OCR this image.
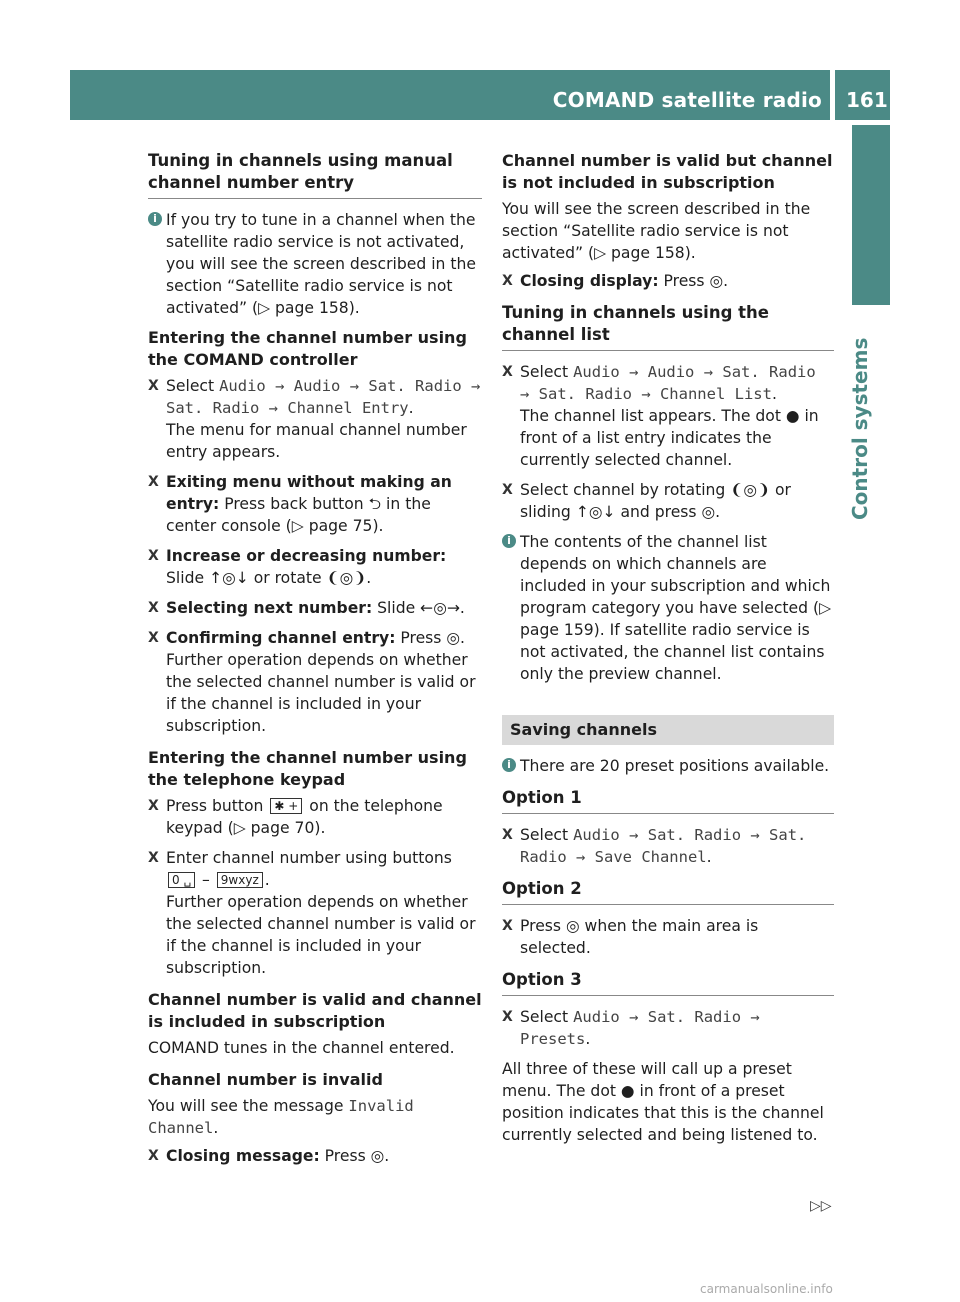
COMAND satellite radio 161
Control systems
Tuning in channels using manual channel number entry
i If you try to tune in a channel when the satellite radio service is not activated, you will see the screen described in the section “Satellite radio service is not activated” (▷ page 158).
Entering the channel number using the COMAND controller
X Select Audio → Audio → Sat. Radio → Sat. Radio → Channel Entry.
The menu for manual channel number entry appears.
X Exiting menu without making an entry: Press back button ⮌ in the center console (▷ page 75).
X Increase or decreasing number: Slide ↑◎↓ or rotate ❨◎❩.
X Selecting next number: Slide ←◎→.
X Confirming channel entry: Press ◎.
Further operation depends on whether the selected channel number is valid or if the channel is included in your subscription.
Entering the channel number using the telephone keypad
X Press button ✱ + on the telephone keypad (▷ page 70).
X Enter channel number using buttons 0 ␣ – 9wxyz .
Further operation depends on whether the selected channel number is valid or if the channel is included in your subscription.
Channel number is valid and channel is included in subscription

COMAND tunes in the channel entered.

Channel number is invalid

You will see the message Invalid Channel.

X Closing message: Press ◎.
Channel number is valid but channel is not included in subscription

You will see the screen described in the section “Satellite radio service is not activated” (▷ page 158).

X Closing display: Press ◎.
Tuning in channels using the channel list
X Select Audio → Audio → Sat. Radio → Sat. Radio → Channel List.
The channel list appears. The dot ● in front of a list entry indicates the currently selected channel.
X Select channel by rotating ❨◎❩ or sliding ↑◎↓ and press ◎.
i The contents of the channel list depends on which channels are included in your subscription and which program category you have selected (▷ page 159). If satellite radio service is not activated, the channel list contains only the preview channel.
Saving channels
i There are 20 preset positions available.
Option 1
X Select Audio → Sat. Radio → Sat. Radio → Save Channel.
Option 2
X Press ◎ when the main area is selected.
Option 3
X Select Audio → Sat. Radio → Presets.

All three of these will call up a preset menu. The dot ● in front of a preset position indicates that this is the channel currently selected and being listened to.

▷▷
carmanualsonline.info
